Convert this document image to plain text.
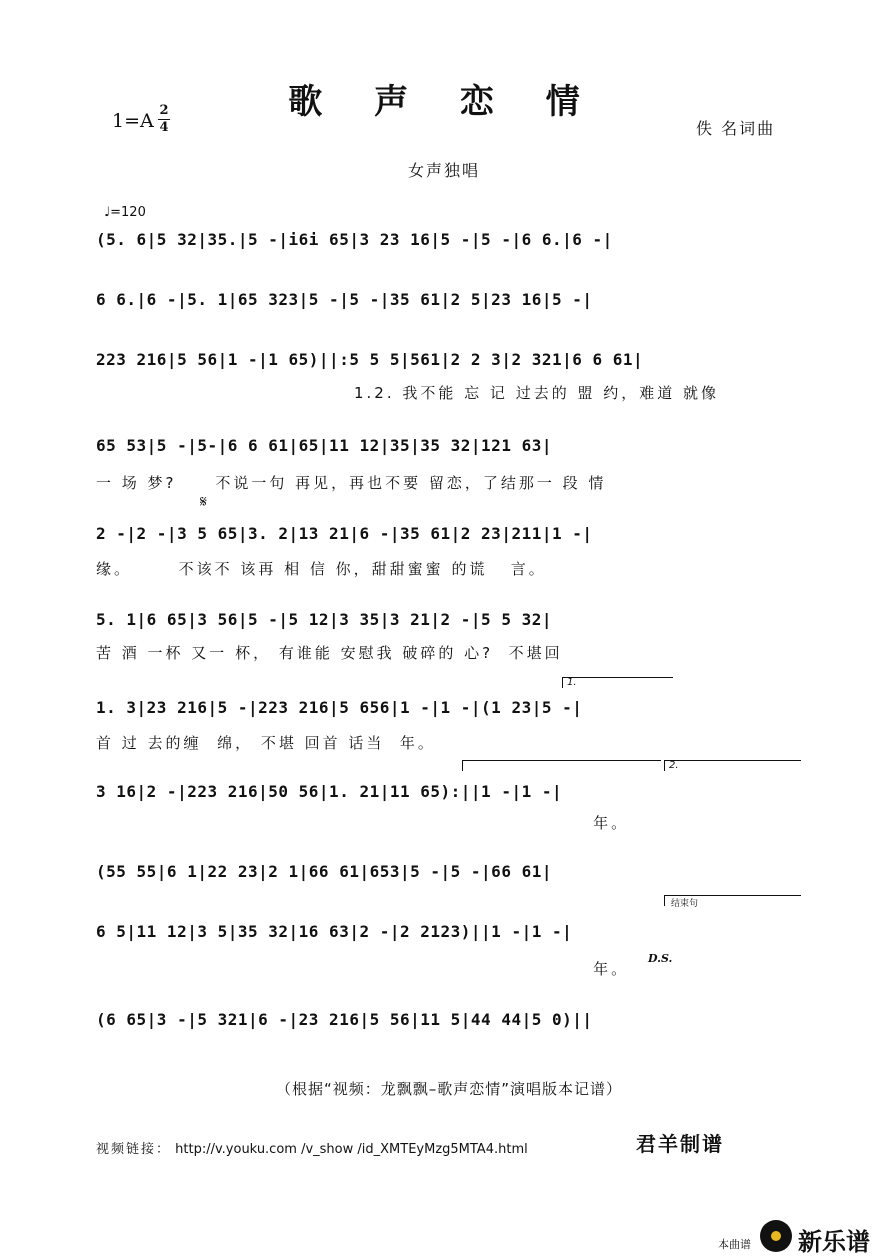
歌 声 恋 情
1=A 2
4	佚 名词曲
女声独唱
♩=120
(5. 6|5 32|35.|5 -|i6i 65|3 23 16|5 -|5 -|6 6.|6 -|
6 6.|6 -|5. 1|65 323|5 -|5 -|35 61|2 5|23 16|5 -|
223 216|5 56|1 -|1 65)||:5 5 5|561|2 2 3|2 321|6 6 61|
1.2. 我不能 忘 记 过去的 盟 约，难道 就像
65 53|5 -|5-|6 6 61|65|11 12|35|35 32|121 63|
一 场 梦?     不说一句 再见，再也不要 留恋，了结那一 段 情
𝄋
2 -|2 -|3 5 65|3. 2|13 21|6 -|35 61|2 23|211|1 -|
缘。      不该不 该再 相 信 你，甜甜蜜蜜 的谎   言。
5. 1|6 65|3 56|5 -|5 12|3 35|3 21|2 -|5 5 32|
苦 酒 一杯 又一 杯， 有谁能 安慰我 破碎的 心?  不堪回
1.
1. 3|23 216|5 -|223 216|5 656|1 -|1 -|(1 23|5 -|
首 过 去的缠  绵， 不堪 回首 话当  年。
2.
3 16|2 -|223 216|50 56|1. 21|11 65):||1 -|1 -|
年。
(55 55|6 1|22 23|2 1|66 61|653|5 -|5 -|66 61|
结束句
6 5|11 12|3 5|35 32|16 63|2 -|2 2123)||1 -|1 -|
D.S.
年。
(6 65|3 -|5 321|6 -|23 216|5 56|11 5|44 44|5 0)||
（根据“视频：龙飘飘–歌声恋情”演唱版本记谱）
视频链接： http://v.youku.com /v_show /id_XMTEyMzg5MTA4.html	君羊制谱
本曲谱 新乐谱
